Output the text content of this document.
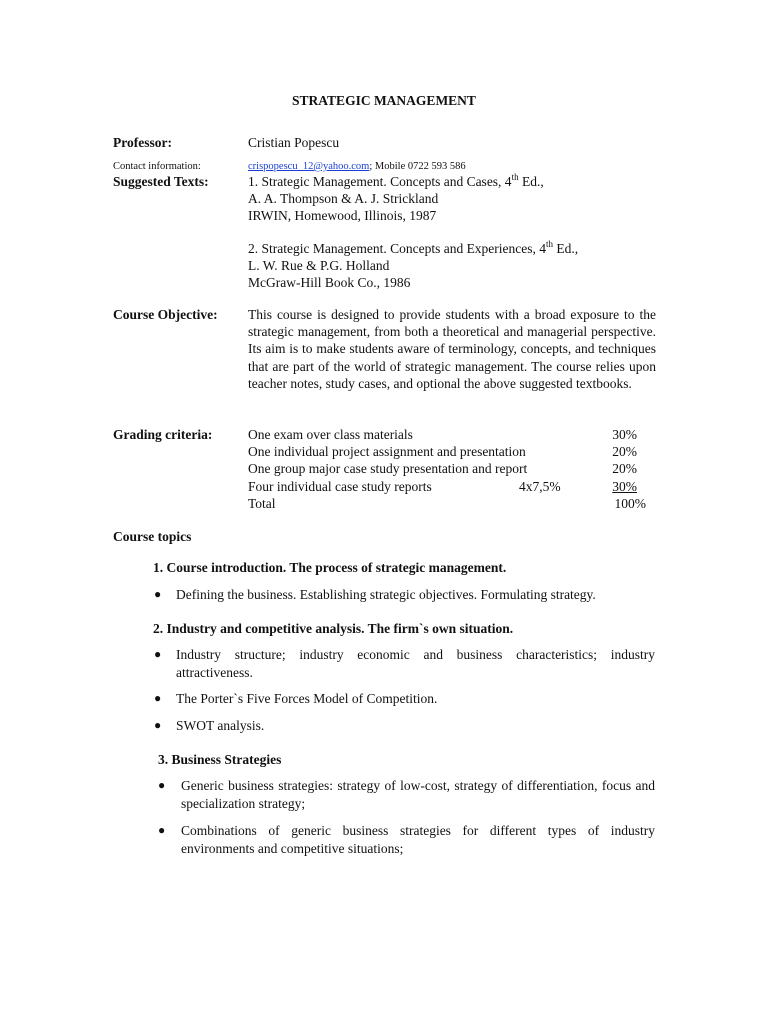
STRATEGIC MANAGEMENT
Professor:	Cristian Popescu
Contact information:	crispopescu_12@yahoo.com; Mobile 0722 593 586
Suggested Texts:	1. Strategic Management. Concepts and Cases, 4th Ed.,
A. A. Thompson & A. J. Strickland
IRWIN, Homewood, Illinois, 1987
2. Strategic Management. Concepts and Experiences, 4th Ed.,
L. W. Rue & P.G. Holland
McGraw-Hill Book Co., 1986
Course Objective: This course is designed to provide students with a broad exposure to the strategic management, from both a theoretical and managerial perspective. Its aim is to make students aware of terminology, concepts, and techniques that are part of the world of strategic management. The course relies upon teacher notes, study cases, and optional the above suggested textbooks.
Grading criteria:	One exam over class materials	30%
One individual project assignment and presentation	20%
One group major case study presentation and report	20%
Four individual case study reports	4x7,5%	30%
Total	100%
Course topics
1. Course introduction. The process of strategic management.
● Defining the business. Establishing strategic objectives. Formulating strategy.
2. Industry and competitive analysis. The firm`s own situation.
● Industry structure; industry economic and business characteristics; industry attractiveness.
● The Porter`s Five Forces Model of Competition.
● SWOT analysis.
3. Business Strategies
● Generic business strategies: strategy of low-cost, strategy of differentiation, focus and specialization strategy;
● Combinations of generic business strategies for different types of industry environments and competitive situations;
